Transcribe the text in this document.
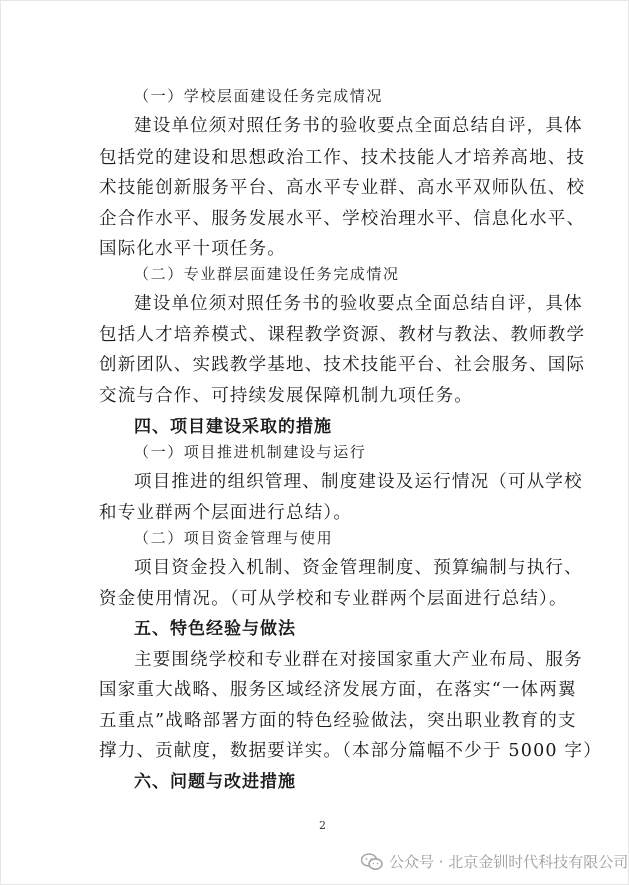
（一）学校层面建设任务完成情况
建设单位须对照任务书的验收要点全面总结自评，具体
包括党的建设和思想政治工作、技术技能人才培养高地、技
术技能创新服务平台、高水平专业群、高水平双师队伍、校
企合作水平、服务发展水平、学校治理水平、信息化水平、
国际化水平十项任务。
（二）专业群层面建设任务完成情况
建设单位须对照任务书的验收要点全面总结自评，具体
包括人才培养模式、课程教学资源、教材与教法、教师教学
创新团队、实践教学基地、技术技能平台、社会服务、国际
交流与合作、可持续发展保障机制九项任务。
四、项目建设采取的措施
（一）项目推进机制建设与运行
项目推进的组织管理、制度建设及运行情况（可从学校
和专业群两个层面进行总结）。
（二）项目资金管理与使用
项目资金投入机制、资金管理制度、预算编制与执行、
资金使用情况。（可从学校和专业群两个层面进行总结）。
五、特色经验与做法
主要围绕学校和专业群在对接国家重大产业布局、服务
国家重大战略、服务区域经济发展方面，在落实“一体两翼
五重点”战略部署方面的特色经验做法，突出职业教育的支
撑力、贡献度，数据要详实。（本部分篇幅不少于 5000 字）
六、问题与改进措施
2
公众号 · 北京金钏时代科技有限公司
